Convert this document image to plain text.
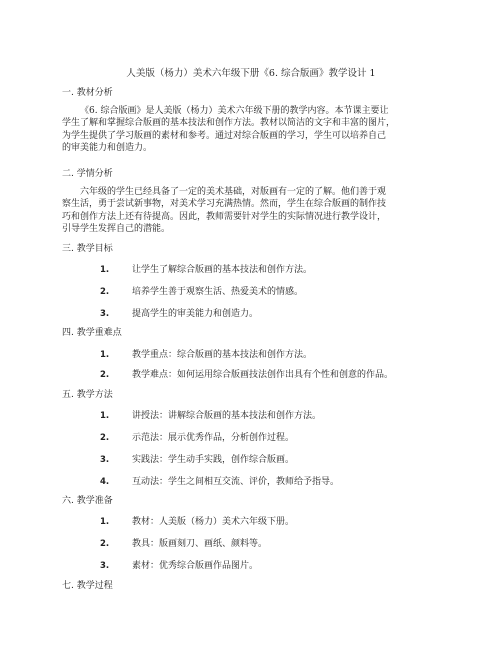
人美版（杨力）美术六年级下册《6. 综合版画》教学设计 1
一. 教材分析
《6. 综合版画》是人美版（杨力）美术六年级下册的教学内容。本节课主要让
学生了解和掌握综合版画的基本技法和创作方法。教材以简洁的文字和丰富的图片，
为学生提供了学习版画的素材和参考。通过对综合版画的学习，学生可以培养自己
的审美能力和创造力。
二. 学情分析
六年级的学生已经具备了一定的美术基础，对版画有一定的了解。他们善于观
察生活，勇于尝试新事物，对美术学习充满热情。然而，学生在综合版画的制作技
巧和创作方法上还有待提高。因此，教师需要针对学生的实际情况进行教学设计，
引导学生发挥自己的潜能。
三. 教学目标
1.	让学生了解综合版画的基本技法和创作方法。
2.	培养学生善于观察生活、热爱美术的情感。
3.	提高学生的审美能力和创造力。
四. 教学重难点
1.	教学重点：综合版画的基本技法和创作方法。
2.	教学难点：如何运用综合版画技法创作出具有个性和创意的作品。
五. 教学方法
1.	讲授法：讲解综合版画的基本技法和创作方法。
2.	示范法：展示优秀作品，分析创作过程。
3.	实践法：学生动手实践，创作综合版画。
4.	互动法：学生之间相互交流、评价，教师给予指导。
六. 教学准备
1.	教材：人美版（杨力）美术六年级下册。
2.	教具：版画刻刀、画纸、颜料等。
3.	素材：优秀综合版画作品图片。
七. 教学过程
